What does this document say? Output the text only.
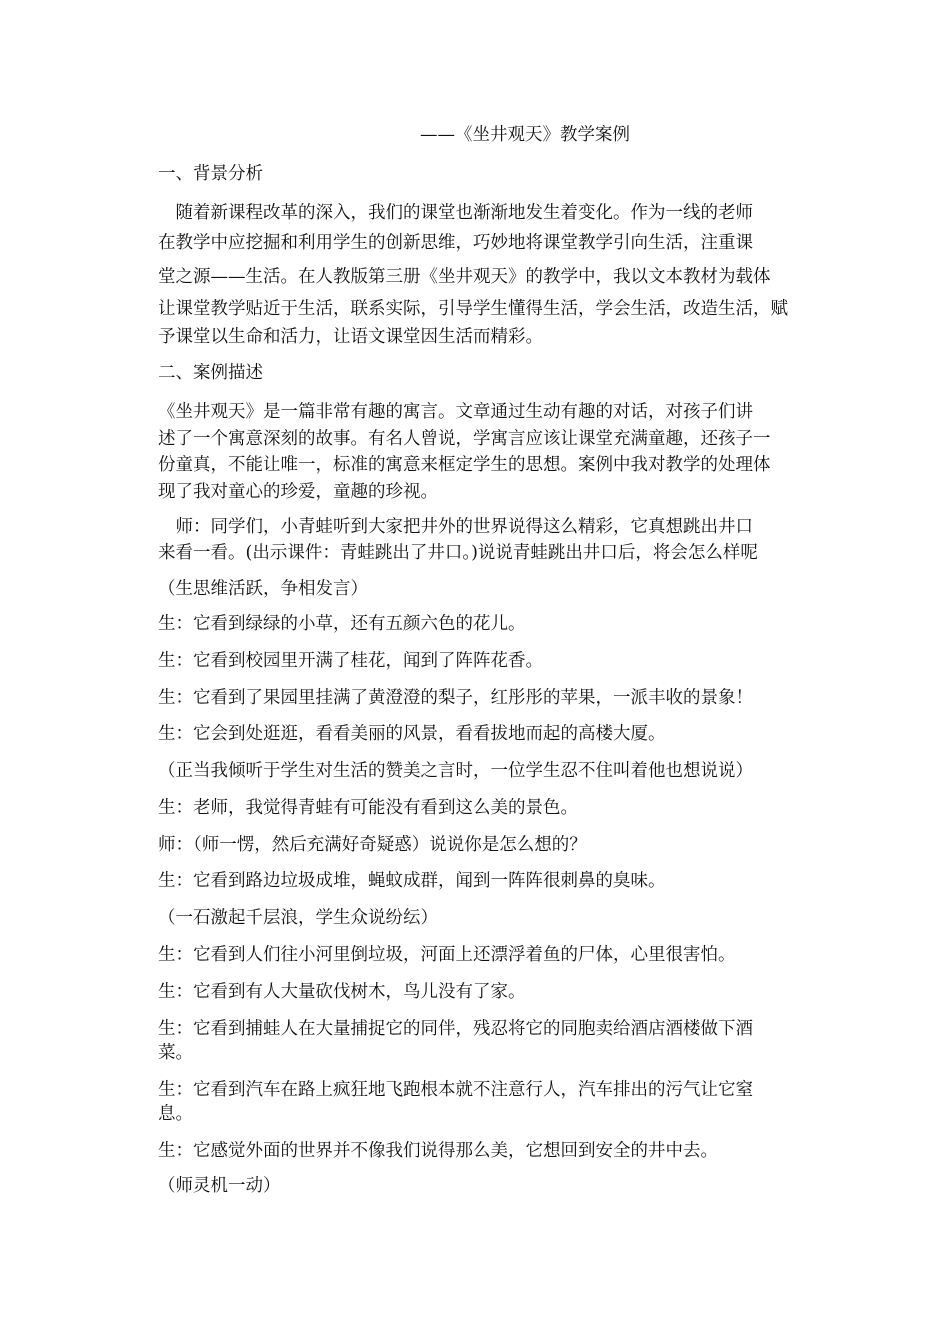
——《坐井观天》教学案例
一、背景分析
　随着新课程改革的深入，我们的课堂也渐渐地发生着变化。作为一线的老师
在教学中应挖掘和利用学生的创新思维，巧妙地将课堂教学引向生活，注重课
堂之源——生活。在人教版第三册《坐井观天》的教学中，我以文本教材为载体
让课堂教学贴近于生活，联系实际，引导学生懂得生活，学会生活，改造生活，赋
予课堂以生命和活力，让语文课堂因生活而精彩。
二、案例描述
《坐井观天》是一篇非常有趣的寓言。文章通过生动有趣的对话，对孩子们讲
述了一个寓意深刻的故事。有名人曾说，学寓言应该让课堂充满童趣，还孩子一
份童真，不能让唯一，标准的寓意来框定学生的思想。案例中我对教学的处理体
现了我对童心的珍爱，童趣的珍视。
　师：同学们，小青蛙听到大家把井外的世界说得这么精彩，它真想跳出井口
来看一看。(出示课件：青蛙跳出了井口。)说说青蛙跳出井口后，将会怎么样呢
（生思维活跃，争相发言）
生：它看到绿绿的小草，还有五颜六色的花儿。
生：它看到校园里开满了桂花，闻到了阵阵花香。
生：它看到了果园里挂满了黄澄澄的梨子，红彤彤的苹果，一派丰收的景象！
生：它会到处逛逛，看看美丽的风景，看看拔地而起的高楼大厦。
（正当我倾听于学生对生活的赞美之言时，一位学生忍不住叫着他也想说说）
生：老师，我觉得青蛙有可能没有看到这么美的景色。
师：（师一愣，然后充满好奇疑惑）说说你是怎么想的？
生：它看到路边垃圾成堆，蝇蚊成群，闻到一阵阵很刺鼻的臭味。
（一石激起千层浪，学生众说纷纭）
生：它看到人们往小河里倒垃圾，河面上还漂浮着鱼的尸体，心里很害怕。
生：它看到有人大量砍伐树木，鸟儿没有了家。
生：它看到捕蛙人在大量捕捉它的同伴，残忍将它的同胞卖给酒店酒楼做下酒
菜。
生：它看到汽车在路上疯狂地飞跑根本就不注意行人，汽车排出的污气让它窒
息。
生：它感觉外面的世界并不像我们说得那么美，它想回到安全的井中去。
（师灵机一动）
